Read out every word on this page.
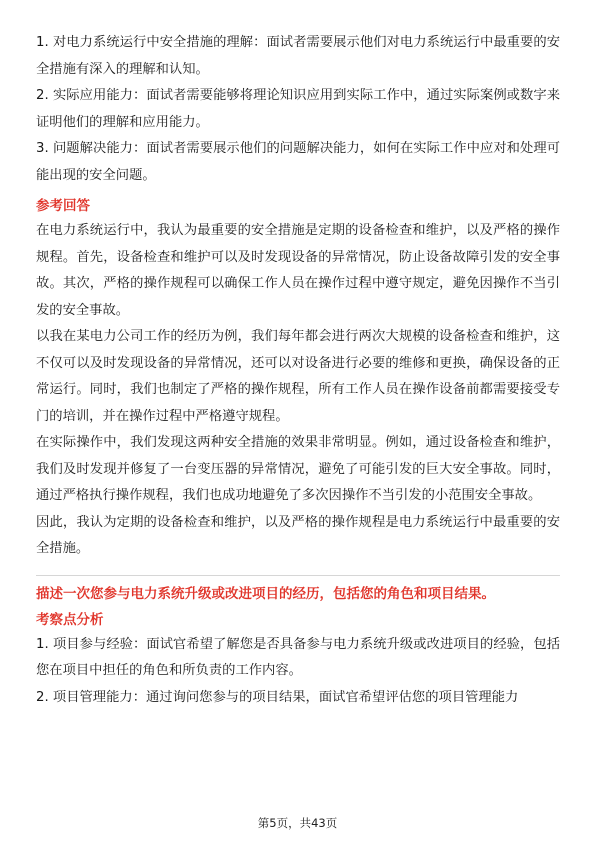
1. 对电力系统运行中安全措施的理解：面试者需要展示他们对电力系统运行中最重要的安全措施有深入的理解和认知。

2. 实际应用能力：面试者需要能够将理论知识应用到实际工作中，通过实际案例或数字来证明他们的理解和应用能力。

3. 问题解决能力：面试者需要展示他们的问题解决能力，如何在实际工作中应对和处理可能出现的安全问题。

参考回答

在电力系统运行中，我认为最重要的安全措施是定期的设备检查和维护，以及严格的操作规程。首先，设备检查和维护可以及时发现设备的异常情况，防止设备故障引发的安全事故。其次，严格的操作规程可以确保工作人员在操作过程中遵守规定，避免因操作不当引发的安全事故。

以我在某电力公司工作的经历为例，我们每年都会进行两次大规模的设备检查和维护，这不仅可以及时发现设备的异常情况，还可以对设备进行必要的维修和更换，确保设备的正常运行。同时，我们也制定了严格的操作规程，所有工作人员在操作设备前都需要接受专门的培训，并在操作过程中严格遵守规程。

在实际操作中，我们发现这两种安全措施的效果非常明显。例如，通过设备检查和维护，我们及时发现并修复了一台变压器的异常情况，避免了可能引发的巨大安全事故。同时，通过严格执行操作规程，我们也成功地避免了多次因操作不当引发的小范围安全事故。

因此，我认为定期的设备检查和维护，以及严格的操作规程是电力系统运行中最重要的安全措施。

描述一次您参与电力系统升级或改进项目的经历，包括您的角色和项目结果。

考察点分析

1. 项目参与经验：面试官希望了解您是否具备参与电力系统升级或改进项目的经验，包括您在项目中担任的角色和所负责的工作内容。

2. 项目管理能力：通过询问您参与的项目结果，面试官希望评估您的项目管理能力

第5页，共43页
